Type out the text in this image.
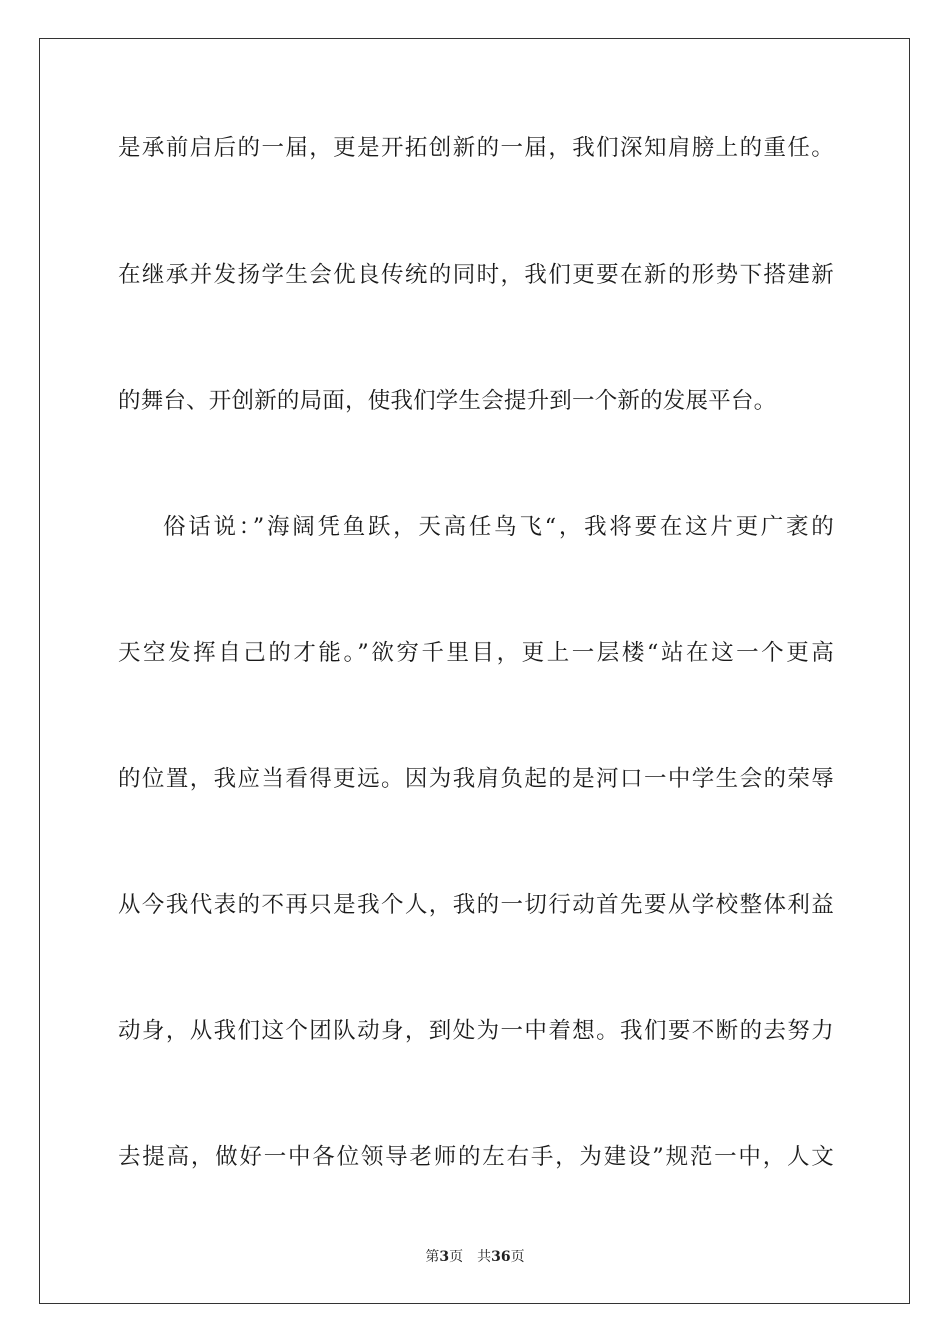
是承前启后的一届，更是开拓创新的一届，我们深知肩膀上的重任。
在继承并发扬学生会优良传统的同时，我们更要在新的形势下搭建新
的舞台、开创新的局面，使我们学生会提升到一个新的发展平台。
俗话说：”海阔凭鱼跃，天高任鸟飞“，我将要在这片更广袤的
天空发挥自己的才能。”欲穷千里目，更上一层楼“站在这一个更高
的位置，我应当看得更远。因为我肩负起的是河口一中学生会的荣辱
从今我代表的不再只是我个人，我的一切行动首先要从学校整体利益
动身，从我们这个团队动身，到处为一中着想。我们要不断的去努力
去提高，做好一中各位领导老师的左右手，为建设”规范一中，人文
第3页 共36页
